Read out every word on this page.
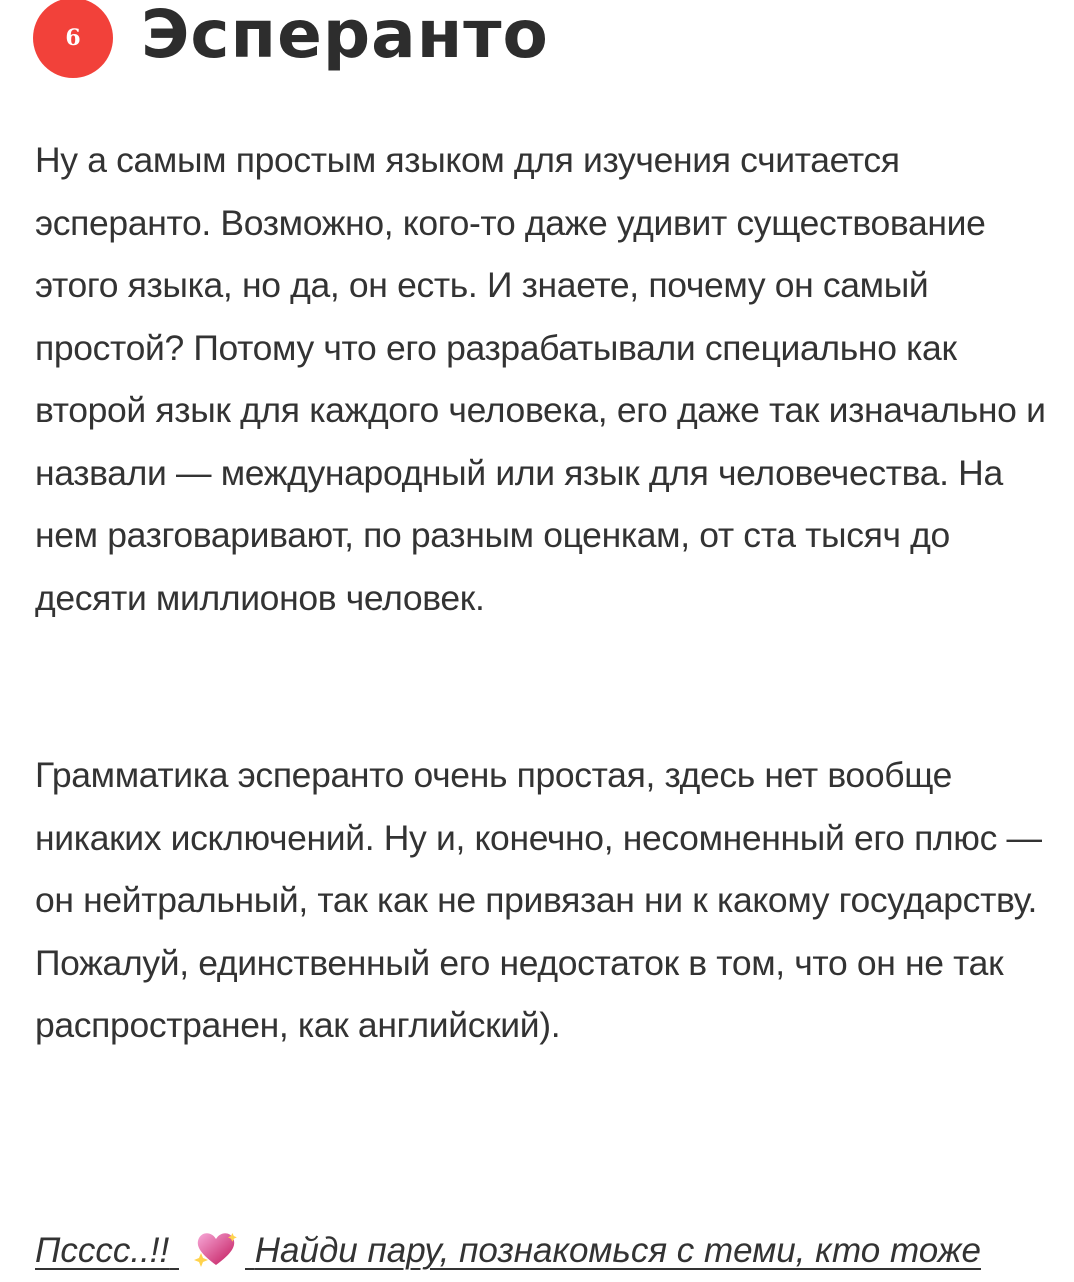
6 Эсперанто

Ну а самым простым языком для изучения считается эсперанто. Возможно, кого-то даже удивит существование этого языка, но да, он есть. И знаете, почему он самый простой? Потому что его разрабатывали специально как второй язык для каждого человека, его даже так изначально и назвали — международный или язык для человечества. На нем разговаривают, по разным оценкам, от ста тысяч до десяти миллионов человек.

Грамматика эсперанто очень простая, здесь нет вообще никаких исключений. Ну и, конечно, несомненный его плюс — он нейтральный, так как не привязан ни к какому государству. Пожалуй, единственный его недостаток в том, что он не так распространен, как английский).

Псссс..!! Найди пару, познакомься с теми, кто тоже
